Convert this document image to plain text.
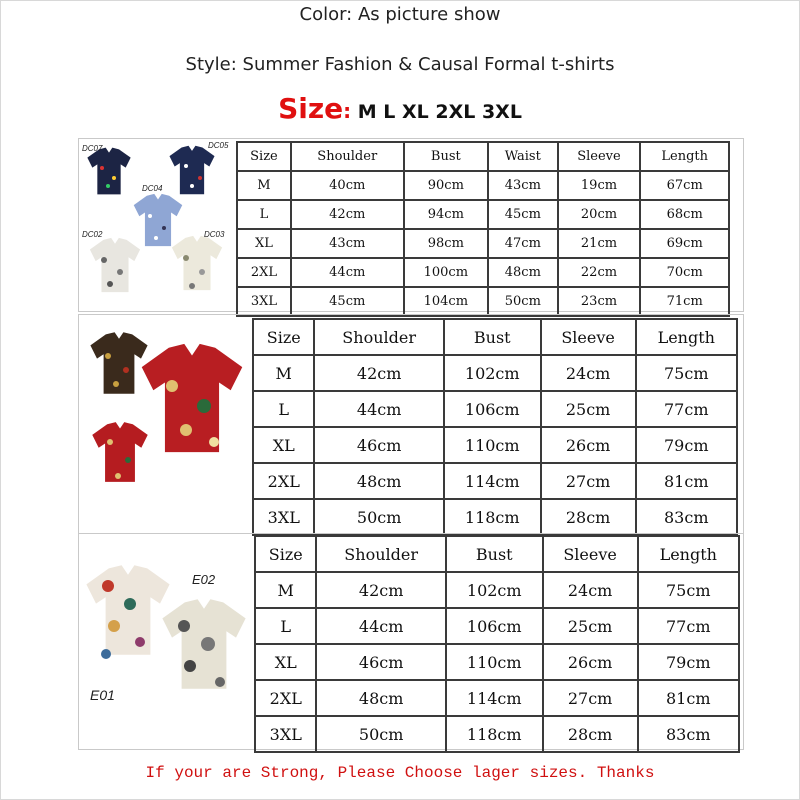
Color: As picture show
Style: Summer Fashion & Causal Formal t-shirts
Size: M L XL 2XL 3XL
DC07	DC05
DC04
DC02	DC03
Size	Shoulder	Bust	Waist	Sleeve	Length
M	40cm	90cm	43cm	19cm	67cm
L	42cm	94cm	45cm	20cm	68cm
XL	43cm	98cm	47cm	21cm	69cm
2XL	44cm	100cm	48cm	22cm	70cm
3XL	45cm	104cm	50cm	23cm	71cm
Size	Shoulder	Bust	Sleeve	Length
M	42cm	102cm	24cm	75cm
L	44cm	106cm	25cm	77cm
XL	46cm	110cm	26cm	79cm
2XL	48cm	114cm	27cm	81cm
3XL	50cm	118cm	28cm	83cm
E02
E01
Size	Shoulder	Bust	Sleeve	Length
M	42cm	102cm	24cm	75cm
L	44cm	106cm	25cm	77cm
XL	46cm	110cm	26cm	79cm
2XL	48cm	114cm	27cm	81cm
3XL	50cm	118cm	28cm	83cm
If your are Strong, Please Choose lager sizes. Thanks
